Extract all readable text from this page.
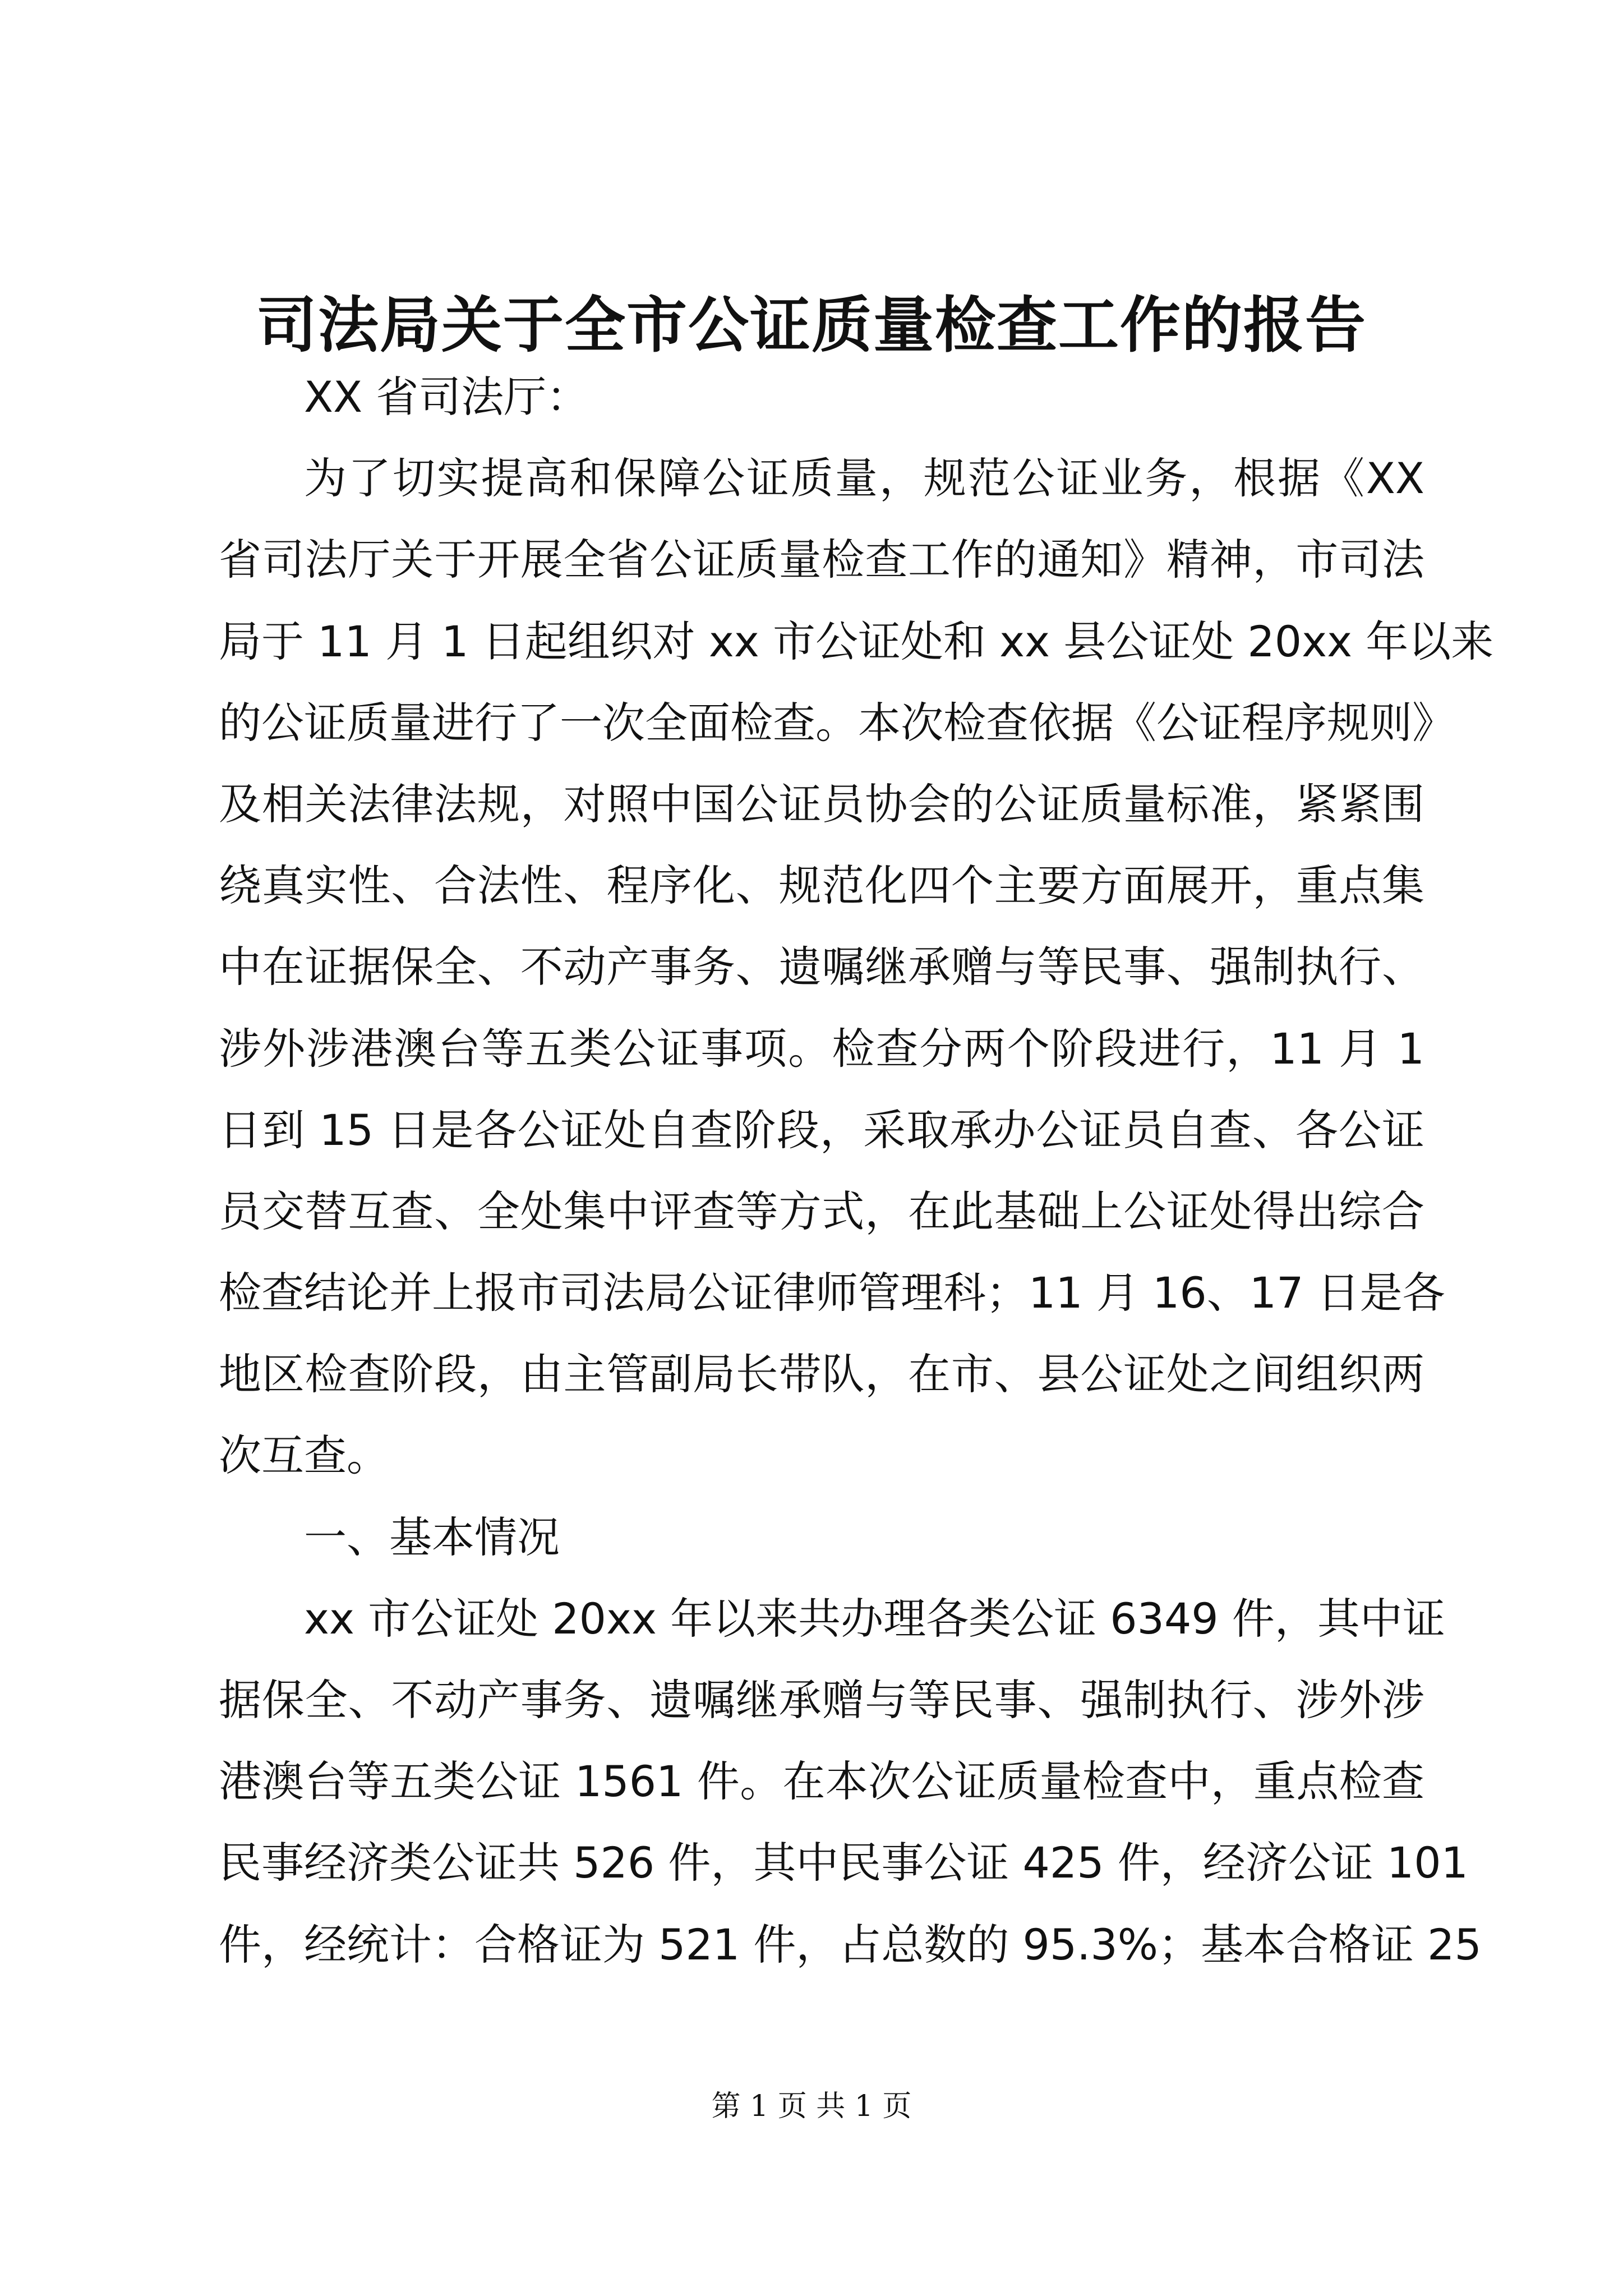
司法局关于全市公证质量检查工作的报告
XX 省司法厅：
为了切实提高和保障公证质量，规范公证业务，根据《XX
省司法厅关于开展全省公证质量检查工作的通知》精神，市司法
局于 11 月 1 日起组织对 xx 市公证处和 xx 县公证处 20xx 年以来
的公证质量进行了一次全面检查。本次检查依据《公证程序规则》
及相关法律法规，对照中国公证员协会的公证质量标准，紧紧围
绕真实性、合法性、程序化、规范化四个主要方面展开，重点集
中在证据保全、不动产事务、遗嘱继承赠与等民事、强制执行、
涉外涉港澳台等五类公证事项。检查分两个阶段进行，11 月 1
日到 15 日是各公证处自查阶段，采取承办公证员自查、各公证
员交替互查、全处集中评查等方式，在此基础上公证处得出综合
检查结论并上报市司法局公证律师管理科；11 月 16、17 日是各
地区检查阶段，由主管副局长带队，在市、县公证处之间组织两
次互查。
一、基本情况
xx 市公证处 20xx 年以来共办理各类公证 6349 件，其中证
据保全、不动产事务、遗嘱继承赠与等民事、强制执行、涉外涉
港澳台等五类公证 1561 件。在本次公证质量检查中，重点检查
民事经济类公证共 526 件，其中民事公证 425 件，经济公证 101
件，经统计：合格证为 521 件，占总数的 95.3%；基本合格证 25
第 1 页 共 1 页
